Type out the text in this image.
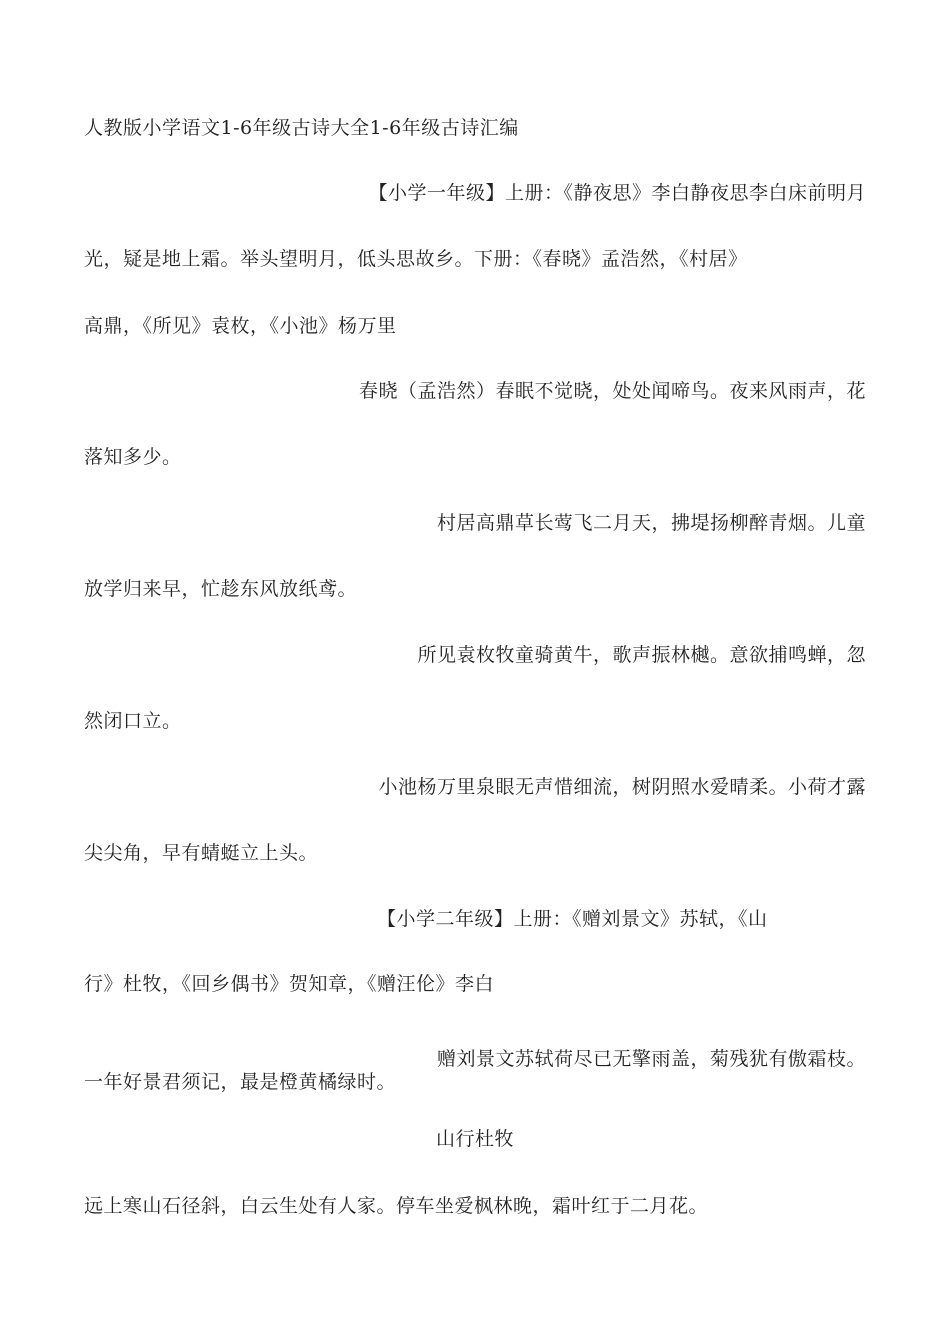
人教版小学语文1-6年级古诗大全1-6年级古诗汇编
【小学一年级】上册：《静夜思》李白静夜思李白床前明月
光，疑是地上霜。举头望明月，低头思故乡。下册：《春晓》孟浩然，《村居》
高鼎，《所见》袁枚，《小池》杨万里
春晓（孟浩然）春眠不觉晓，处处闻啼鸟。夜来风雨声，花
落知多少。
村居高鼎草长莺飞二月天，拂堤扬柳醉青烟。儿童
放学归来早，忙趁东风放纸鸢。
所见袁枚牧童骑黄牛，歌声振林樾。意欲捕鸣蝉，忽
然闭口立。
小池杨万里泉眼无声惜细流，树阴照水爱晴柔。小荷才露
尖尖角，早有蜻蜓立上头。
【小学二年级】上册：《赠刘景文》苏轼，《山
行》杜牧，《回乡偶书》贺知章，《赠汪伦》李白
赠刘景文苏轼荷尽已无擎雨盖，菊残犹有傲霜枝。
一年好景君须记，最是橙黄橘绿时。
山行杜牧
远上寒山石径斜，白云生处有人家。停车坐爱枫林晚，霜叶红于二月花。
